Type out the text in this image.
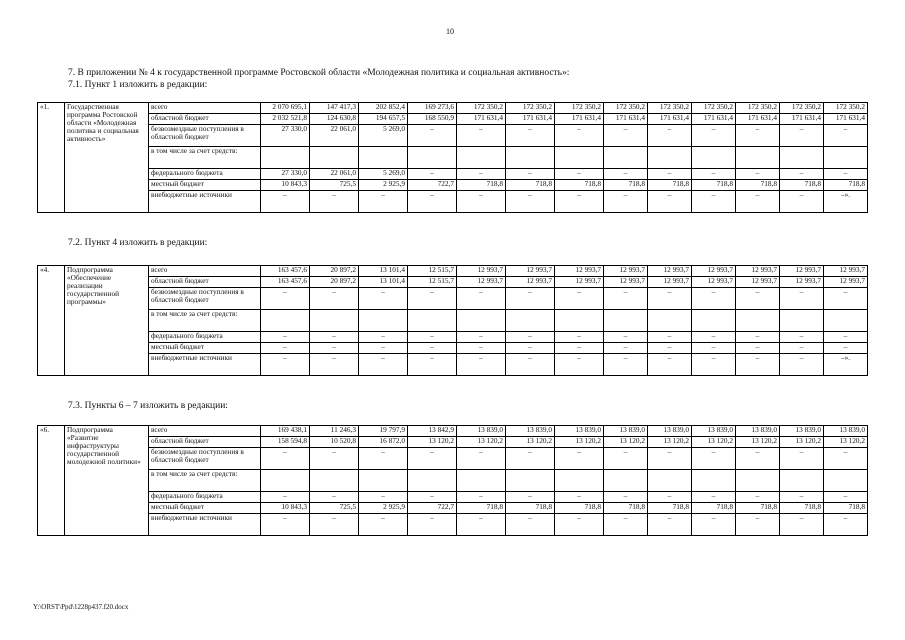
10
7. В приложении № 4 к государственной программе Ростовской области «Молодежная политика и социальная активность»:
7.1. Пункт 1 изложить в редакции:
«1.	Государственная программа Ростовской области «Молодежная политика и социальная активность»	всего	2 070 695,1	147 417,3	202 852,4	169 273,6	172 350,2	172 350,2	172 350,2	172 350,2	172 350,2	172 350,2	172 350,2	172 350,2	172 350,2
		областной бюджет	2 032 521,8	124 630,8	194 657,5	168 550,9	171 631,4	171 631,4	171 631,4	171 631,4	171 631,4	171 631,4	171 631,4	171 631,4	171 631,4
		безвозмездные поступления в областной бюджет	27 330,0	22 061,0	5 269,0	–	–	–	–	–	–	–	–	–	–
		в том числе за счет средств:													
		федерального бюджета	27 330,0	22 061,0	5 269,0	–	–	–	–	–	–	–	–	–	–
		местный бюджет	10 843,3	725,5	2 925,9	722,7	718,8	718,8	718,8	718,8	718,8	718,8	718,8	718,8	718,8
		внебюджетные источники	–	–	–	–	–	–	–	–	–	–	–	–	–».
7.2. Пункт 4 изложить в редакции:
«4.	Подпрограмма «Обеспечение реализации государственной программы»	всего	163 457,6	20 897,2	13 101,4	12 515,7	12 993,7	12 993,7	12 993,7	12 993,7	12 993,7	12 993,7	12 993,7	12 993,7	12 993,7
		областной бюджет	163 457,6	20 897,2	13 101,4	12 515,7	12 993,7	12 993,7	12 993,7	12 993,7	12 993,7	12 993,7	12 993,7	12 993,7	12 993,7
		безвозмездные поступления в областной бюджет	–	–	–	–	–	–	–	–	–	–	–	–	–
		в том числе за счет средств:													
		федерального бюджета	–	–	–	–	–	–	–	–	–	–	–	–	–
		местный бюджет	–	–	–	–	–	–	–	–	–	–	–	–	–
		внебюджетные источники	–	–	–	–	–	–	–	–	–	–	–	–	–».
7.3. Пункты 6 – 7 изложить в редакции:
«6.	Подпрограмма «Развитие инфраструктуры государственной молодежной политики»	всего	169 438,1	11 246,3	19 797,9	13 842,9	13 839,0	13 839,0	13 839,0	13 839,0	13 839,0	13 839,0	13 839,0	13 839,0	13 839,0
		областной бюджет	158 594,8	10 520,8	16 872,0	13 120,2	13 120,2	13 120,2	13 120,2	13 120,2	13 120,2	13 120,2	13 120,2	13 120,2	13 120,2
		безвозмездные поступления в областной бюджет	–	–	–	–	–	–	–	–	–	–	–	–	–
		в том числе за счет средств:													
		федерального бюджета	–	–	–	–	–	–	–	–	–	–	–	–	–
		местный бюджет	10 843,3	725,5	2 925,9	722,7	718,8	718,8	718,8	718,8	718,8	718,8	718,8	718,8	718,8
		внебюджетные источники	–	–	–	–	–	–	–	–	–	–	–	–	–
Y:\ORST\Ppd\1228p437.f20.docx
